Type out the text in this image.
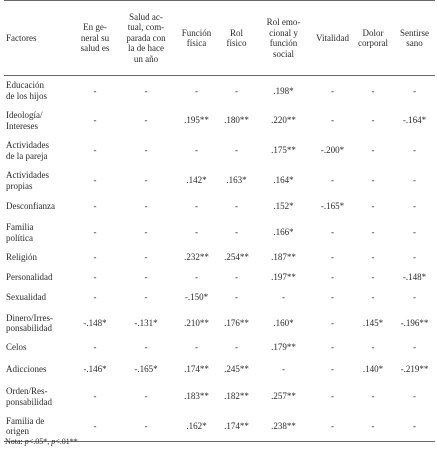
Factores	En ge-
neral su
salud es	Salud ac-
tual, com-
parada con
la de hace
un año	Función
física	Rol
físico	Rol emo-
cional y
función
social	Vitalidad	Dolor
corporal	Sentirse
sano
Educación
de los hijos	-	-	-	-	.198*	-	-	-
Ideología/
Intereses	-	-	.195**	.180**	.220**	-	-	-.164*
Actividades
de la pareja	-	-	-	-	.175**	-.200*	-	-
Actividades
propias	-	-	.142*	.163*	.164*	-	-	-
Desconfianza	-	-	-	-	.152*	-.165*	-	-
Familia
política	-	-	-	-	.166*	-	-	-
Religión	-	-	.232**	.254**	.187**	-	-	-
Personalidad	-	-	-	-	.197**	-	-	-.148*
Sexualidad	-	-	-.150*	-	-	-	-	-
Dinero/Irres-
ponsabilidad	-.148*	-.131*	.210**	.176**	.160*	-	.145*	-.196**
Celos	-	-	-	-	.179**	-	-	-
Adicciones	-.146*	-.165*	.174**	.245**	-	-	.140*	-.219**
Orden/Res-
ponsabilidad	-	-	.183**	.182**	.257**	-	-	-
Familia de
origen	-	-	.162*	.174**	.238**	-	-	-
Nota: p<.05*, p<.01**
